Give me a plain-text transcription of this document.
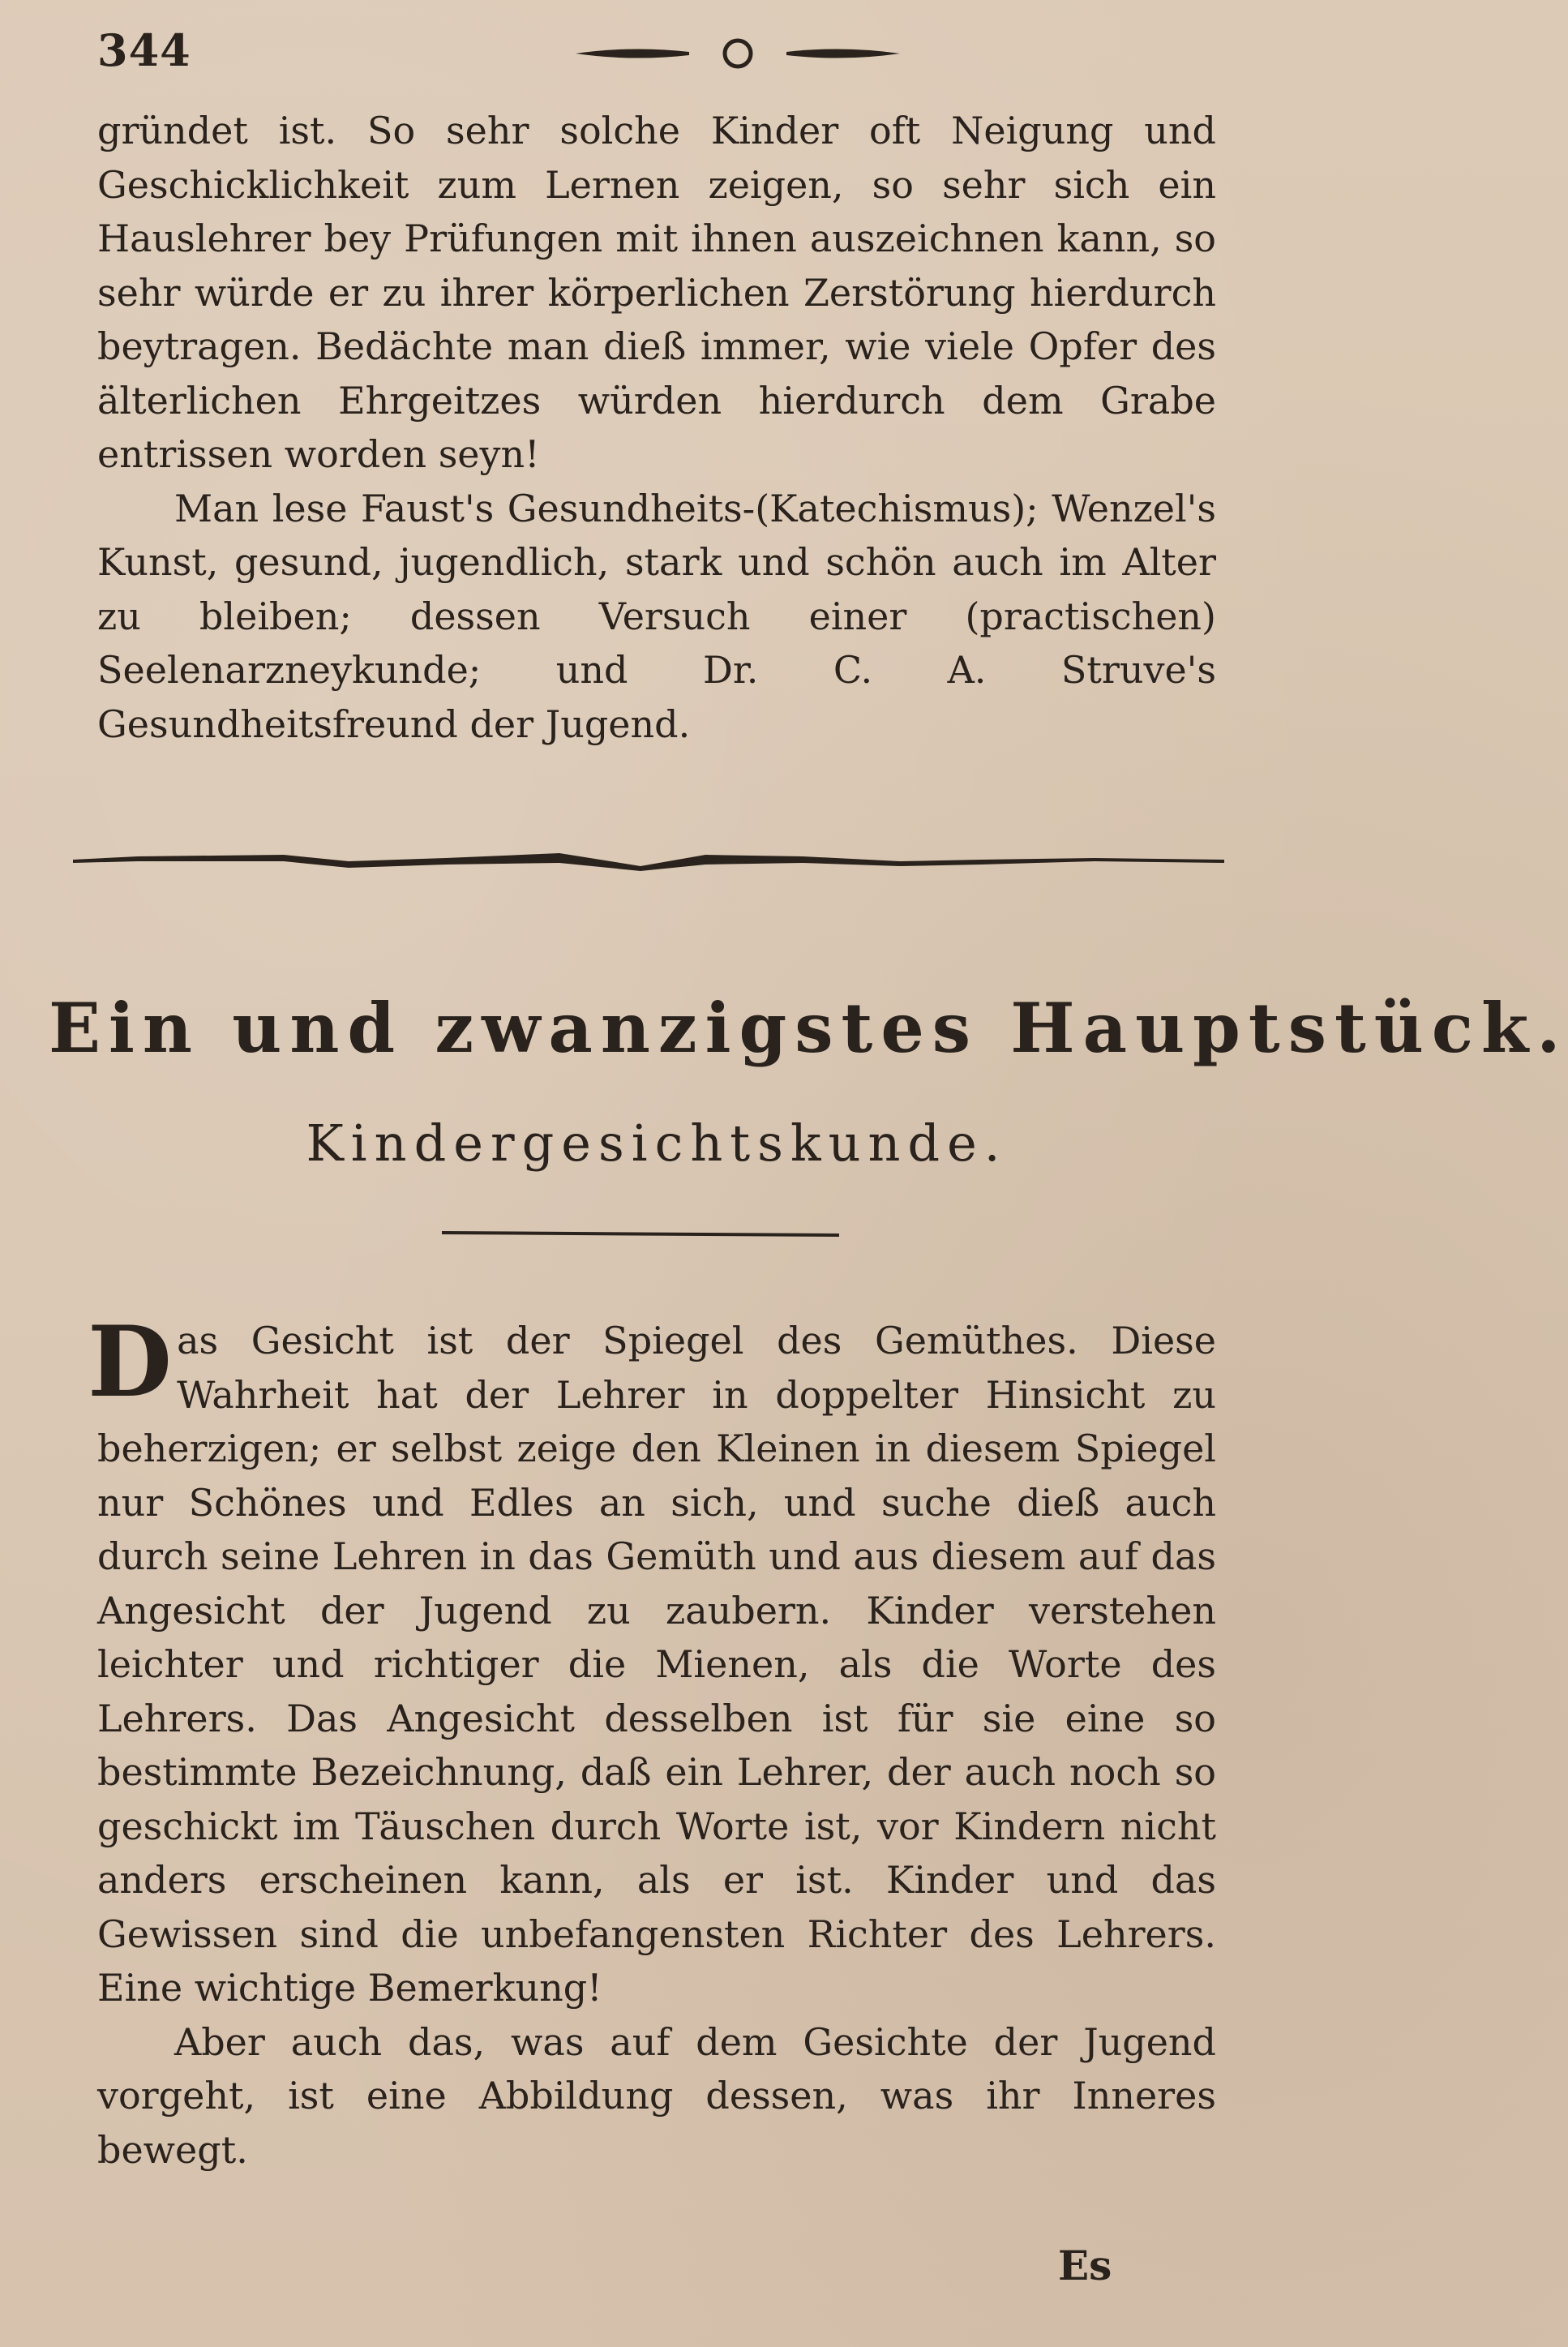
344

gründet ist. So sehr solche Kinder oft Neigung und Geschicklichkeit zum Lernen zeigen, so sehr sich ein Hauslehrer bey Prüfungen mit ihnen auszeichnen kann, so sehr würde er zu ihrer körperlichen Zerstörung hierdurch beytragen. Bedächte man dieß immer, wie viele Opfer des älterlichen Ehrgeitzes würden hierdurch dem Grabe entrissen worden seyn!

Man lese Faust's Gesundheits-(Katechismus); Wenzel's Kunst, gesund, jugendlich, stark und schön auch im Alter zu bleiben; dessen Versuch einer (practischen) Seelenarzneykunde; und Dr. C. A. Struve's Gesundheitsfreund der Jugend.

Ein und zwanzigstes Hauptstück.
Kindergesichtskunde.

Das Gesicht ist der Spiegel des Gemüthes. Diese Wahrheit hat der Lehrer in doppelter Hinsicht zu beherzigen; er selbst zeige den Kleinen in diesem Spiegel nur Schönes und Edles an sich, und suche dieß auch durch seine Lehren in das Gemüth und aus diesem auf das Angesicht der Jugend zu zaubern. Kinder verstehen leichter und richtiger die Mienen, als die Worte des Lehrers. Das Angesicht desselben ist für sie eine so bestimmte Bezeichnung, daß ein Lehrer, der auch noch so geschickt im Täuschen durch Worte ist, vor Kindern nicht anders erscheinen kann, als er ist. Kinder und das Gewissen sind die unbefangensten Richter des Lehrers. Eine wichtige Bemerkung!

Aber auch das, was auf dem Gesichte der Jugend vorgeht, ist eine Abbildung dessen, was ihr Inneres bewegt.

Es
